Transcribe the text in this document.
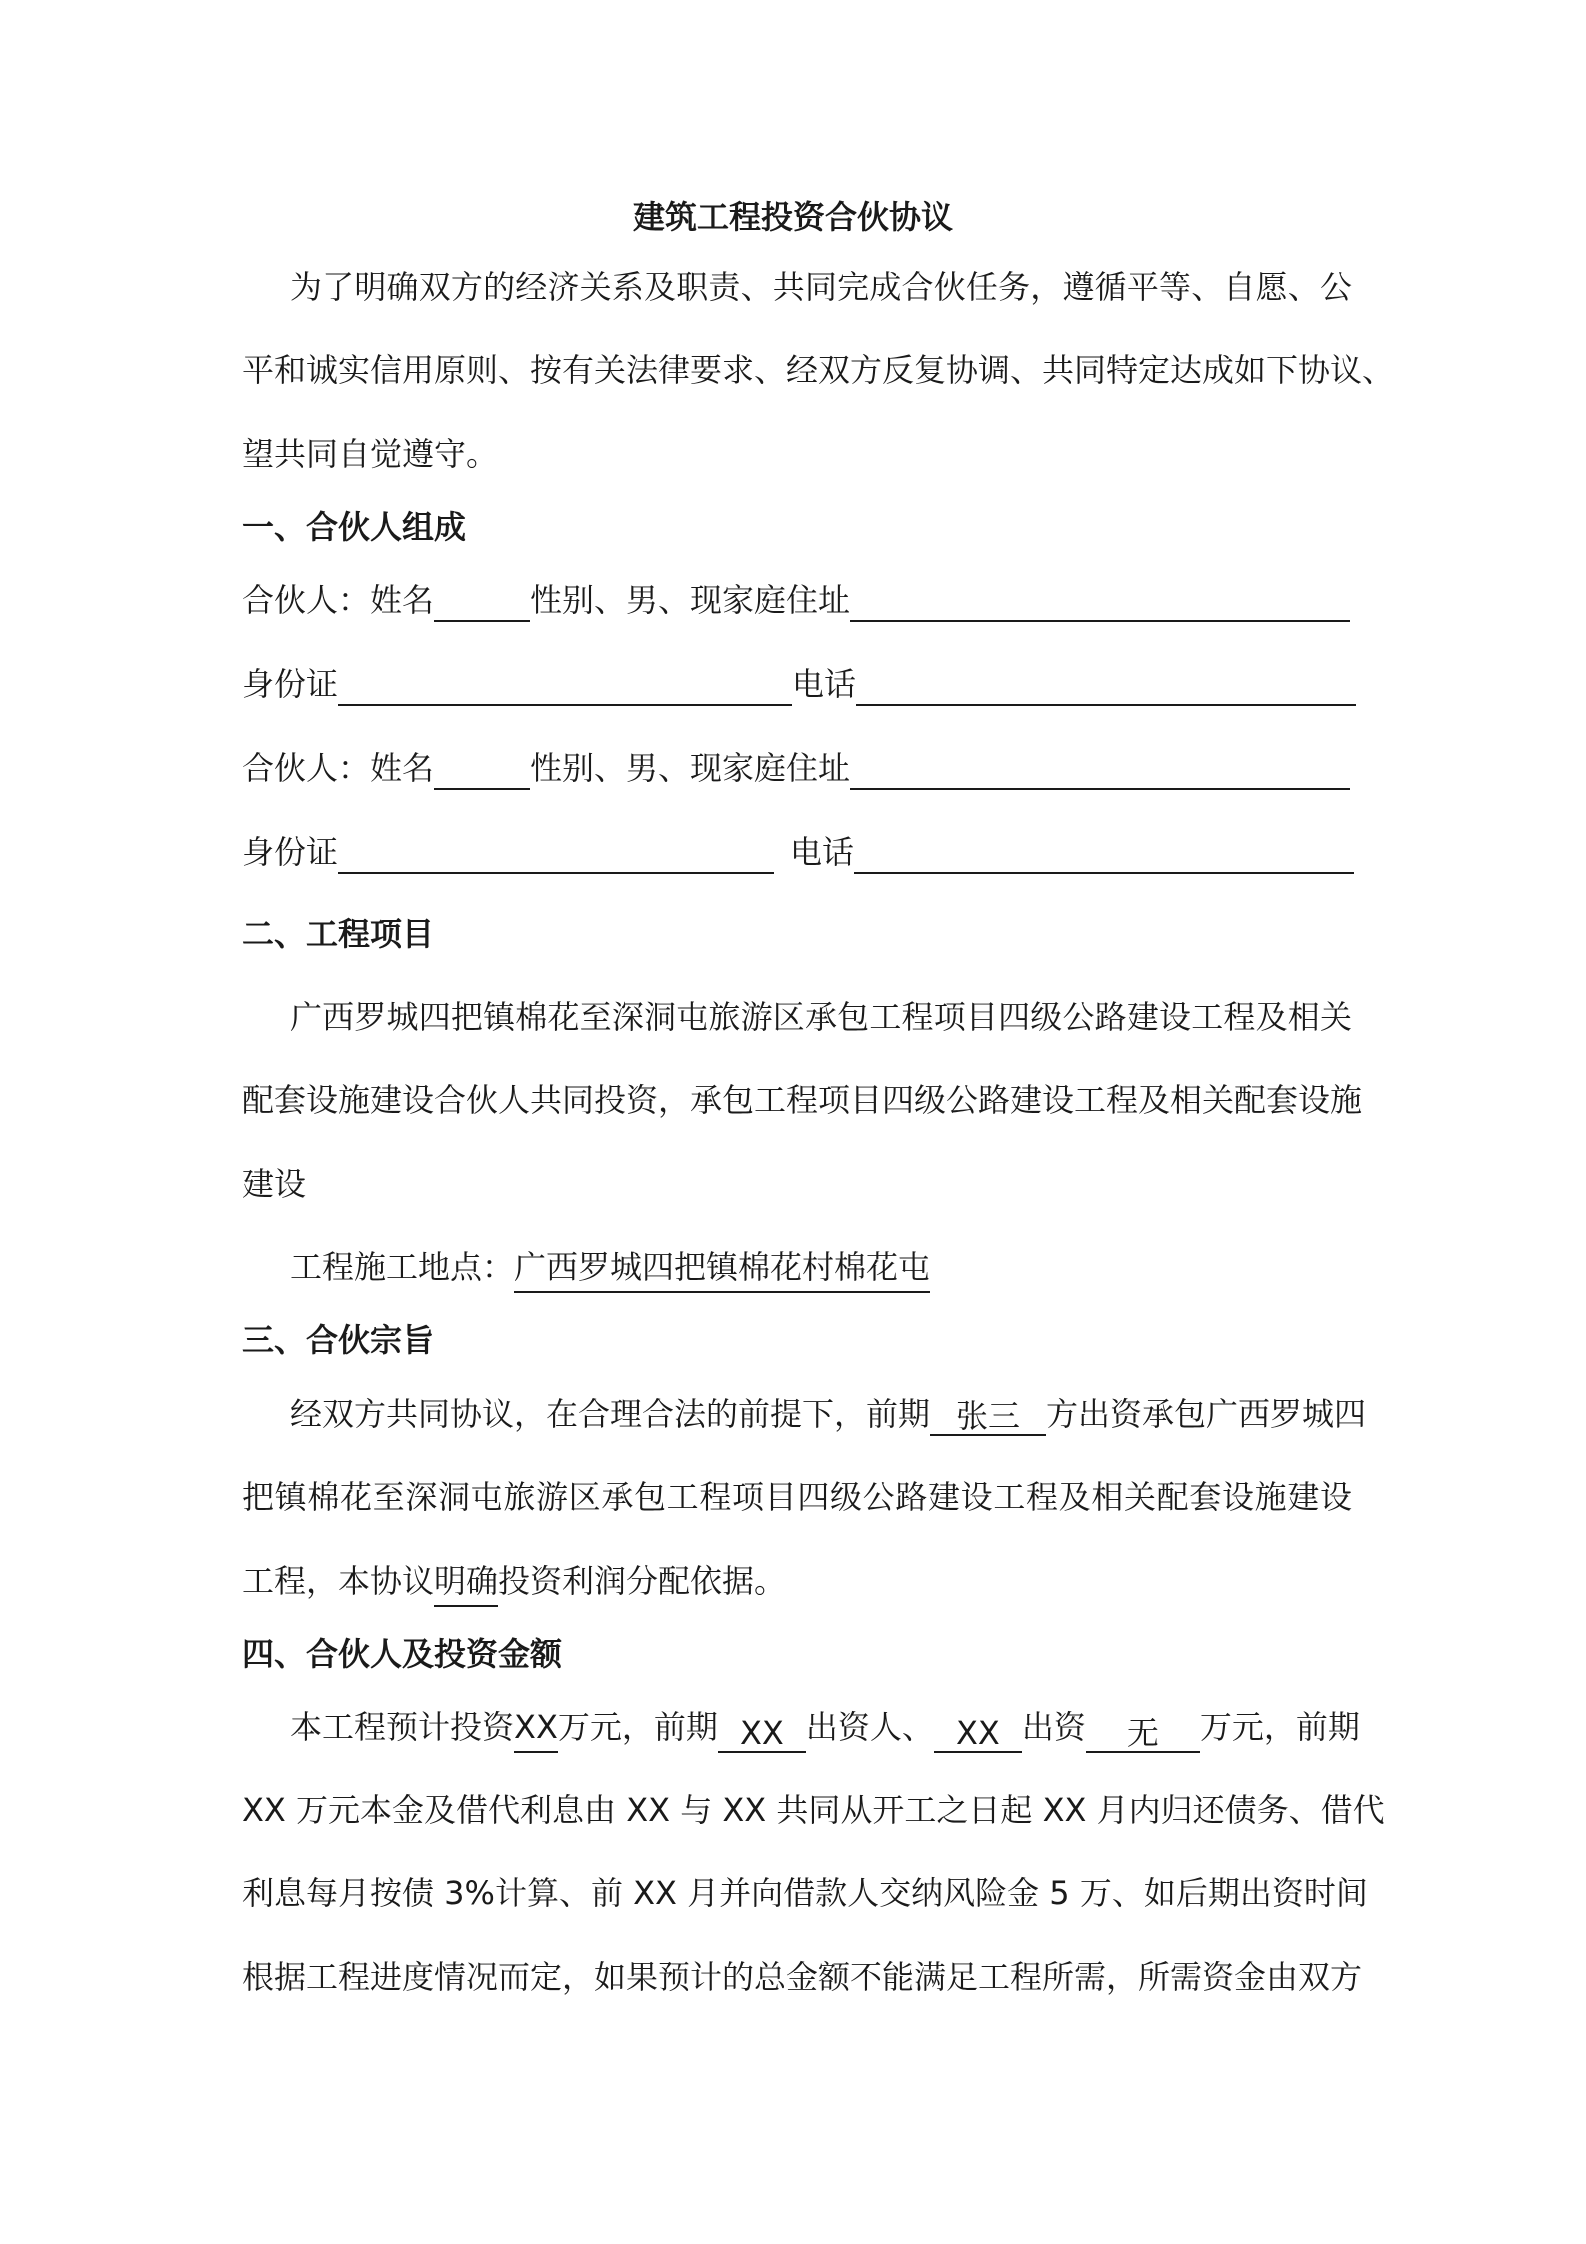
建筑工程投资合伙协议
为了明确双方的经济关系及职责、共同完成合伙任务，遵循平等、自愿、公
平和诚实信用原则、按有关法律要求、经双方反复协调、共同特定达成如下协议、
望共同自觉遵守。
一、合伙人组成
合伙人：姓名	性别、男、现家庭住址
身份证	电话
合伙人：姓名	性别、男、现家庭住址
身份证	电话
二、工程项目
广西罗城四把镇棉花至深洞屯旅游区承包工程项目四级公路建设工程及相关
配套设施建设合伙人共同投资，承包工程项目四级公路建设工程及相关配套设施
建设
工程施工地点：广西罗城四把镇棉花村棉花屯
三、合伙宗旨
经双方共同协议，在合理合法的前提下，前期 张三 方出资承包广西罗城四
把镇棉花至深洞屯旅游区承包工程项目四级公路建设工程及相关配套设施建设
工程，本协议明确投资利润分配依据。
四、合伙人及投资金额
本工程预计投资XX万元，前期 XX 出资人、 XX 出资 无 万元，前期
XX 万元本金及借代利息由 XX 与 XX 共同从开工之日起 XX 月内归还债务、借代
利息每月按债 3%计算、前 XX 月并向借款人交纳风险金 5 万、如后期出资时间
根据工程进度情况而定，如果预计的总金额不能满足工程所需，所需资金由双方
